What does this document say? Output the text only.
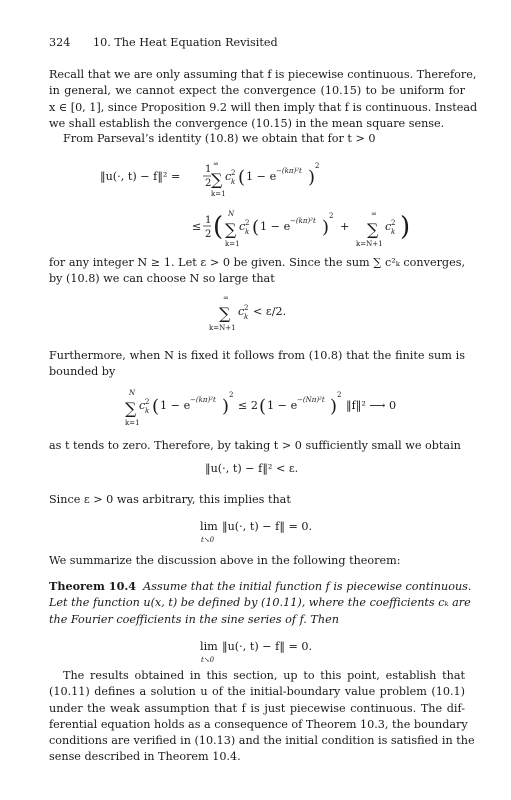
324 10. The Heat Equation Revisited
Recall that we are only assuming that f is piecewise continuous. Therefore,
in general, we cannot expect the convergence (10.15) to be uniform for
x ∈ [0, 1], since Proposition 9.2 will then imply that f is continuous. Instead
we shall establish the convergence (10.15) in the mean square sense.
From Parseval’s identity (10.8) we obtain that for t > 0
‖u(·, t) − f‖² =
1
2
∞
∑
k=1
c 2
k ( 1 − e −(kπ)²t )
2
≤ 1
2 ( N
∑
k=1
c 2
k ( 1 − e −(kπ)²t )
2
+
∞
∑
k=N+1
c 2
k )
for any integer N ≥ 1. Let ε > 0 be given. Since the sum ∑ c²ₖ converges,
by (10.8) we can choose N so large that
∞
∑
k=N+1
c 2
k < ε/2.
Furthermore, when N is fixed it follows from (10.8) that the finite sum is
bounded by
N
∑
k=1
c 2
k ( 1 − e −(kπ)²t )
2
≤ 2 ( 1 − e −(Nπ)²t )
2
‖f‖² ⟶ 0
as t tends to zero. Therefore, by taking t > 0 sufficiently small we obtain
‖u(·, t) − f‖² < ε.
Since ε > 0 was arbitrary, this implies that
lim
t↘0
‖u(·, t) − f‖ = 0.
We summarize the discussion above in the following theorem:
Theorem 10.4 Assume that the initial function f is piecewise continuous.
Let the function u(x, t) be defined by (10.11), where the coefficients cₖ are
the Fourier coefficients in the sine series of f. Then
lim
t↘0
‖u(·, t) − f‖ = 0.
The results obtained in this section, up to this point, establish that
(10.11) defines a solution u of the initial-boundary value problem (10.1)
under the weak assumption that f is just piecewise continuous. The dif-
ferential equation holds as a consequence of Theorem 10.3, the boundary
conditions are verified in (10.13) and the initial condition is satisfied in the
sense described in Theorem 10.4.
